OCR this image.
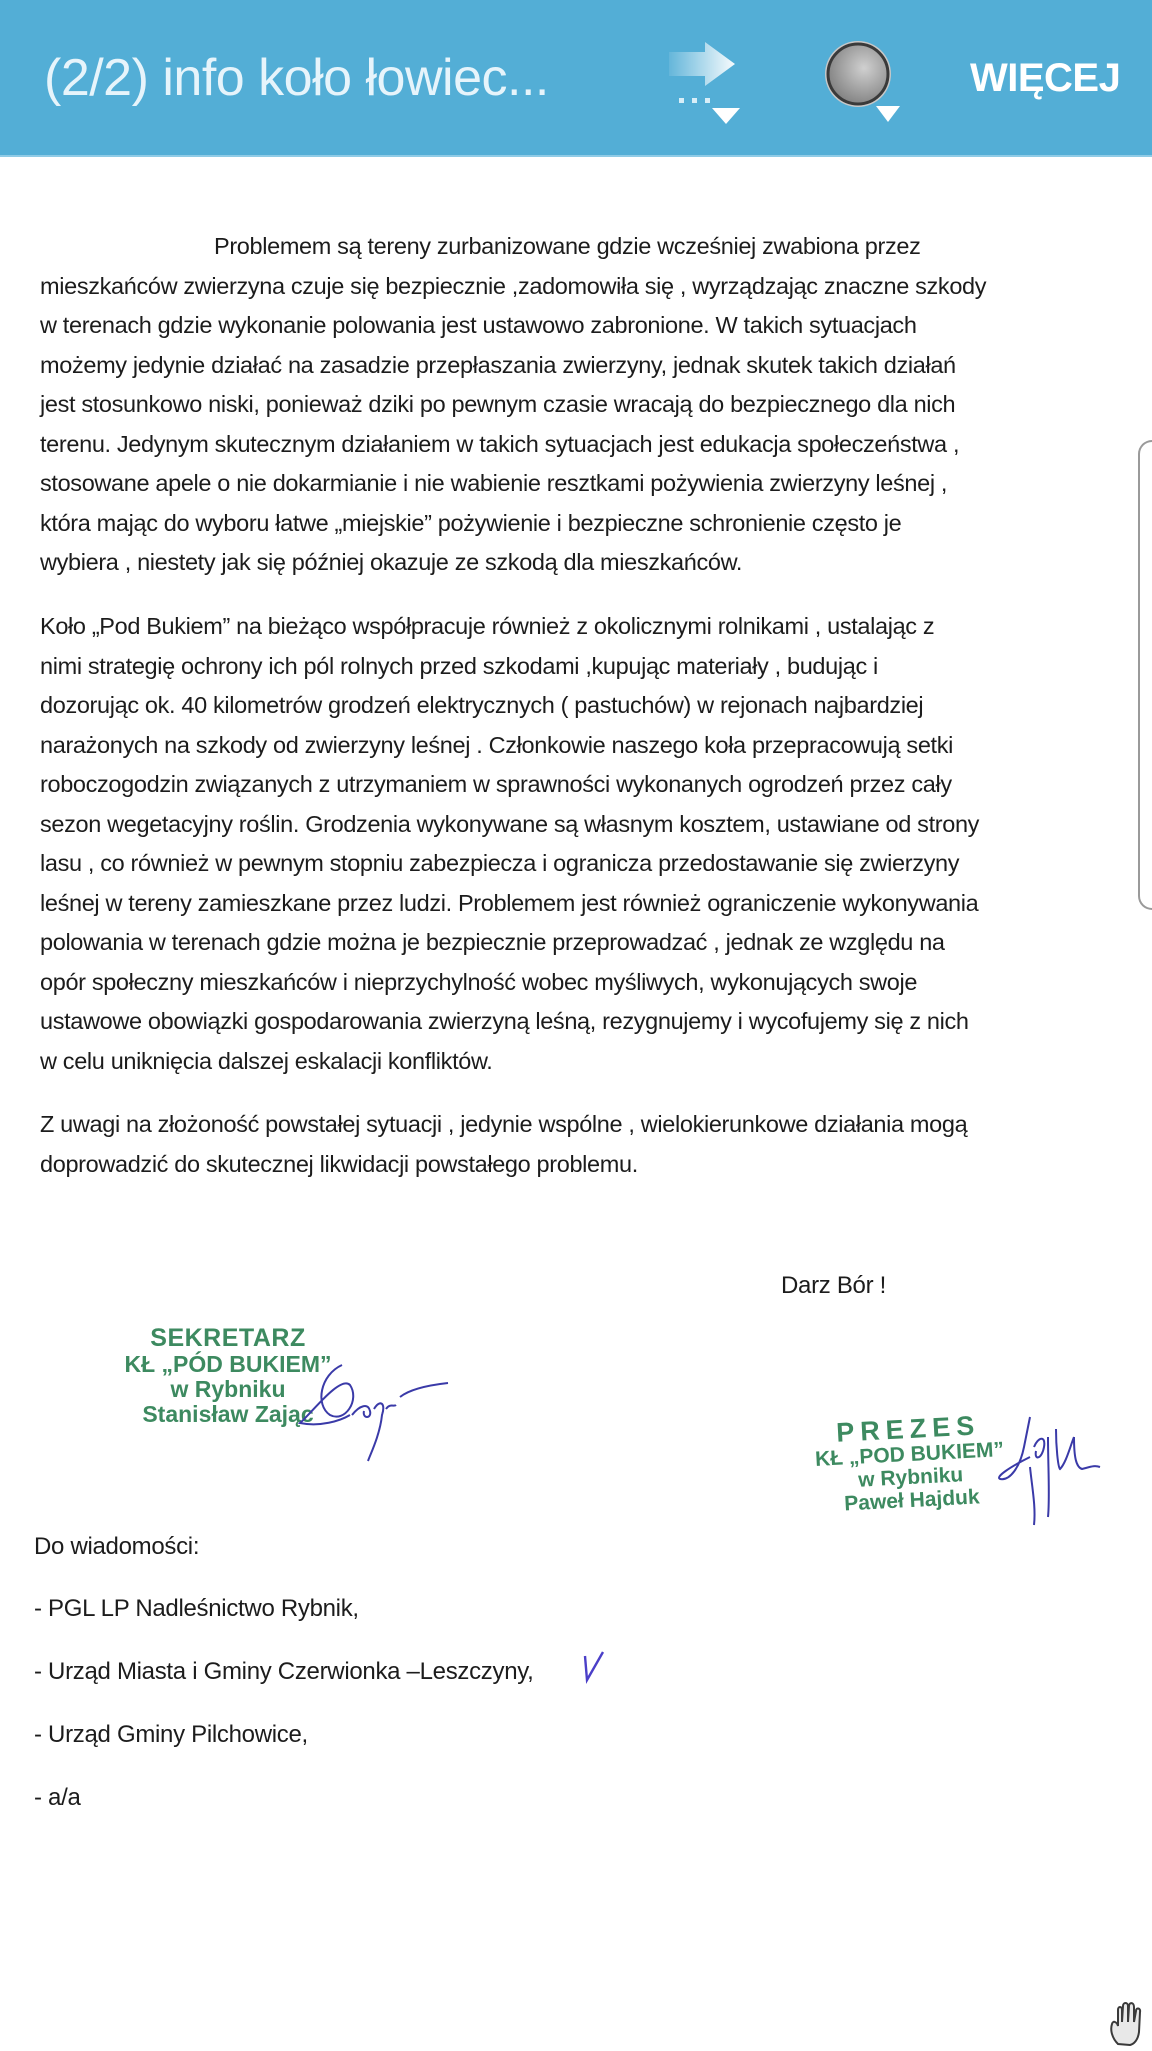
(2/2) info koło łowiec...	WIĘCEJ
Problemem są tereny zurbanizowane gdzie wcześniej zwabiona przez
mieszkańców zwierzyna czuje się bezpiecznie ,zadomowiła się , wyrządzając znaczne szkody
w terenach gdzie wykonanie polowania jest ustawowo zabronione. W takich sytuacjach
możemy jedynie działać na zasadzie przepłaszania zwierzyny, jednak skutek takich działań
jest stosunkowo niski, ponieważ dziki po pewnym czasie wracają do bezpiecznego dla nich
terenu. Jedynym skutecznym działaniem w takich sytuacjach jest edukacja społeczeństwa ,
stosowane apele o nie dokarmianie i nie wabienie resztkami pożywienia zwierzyny leśnej ,
która mając do wyboru łatwe „miejskie” pożywienie i bezpieczne schronienie często je
wybiera , niestety jak się później okazuje ze szkodą dla mieszkańców.
Koło „Pod Bukiem” na bieżąco współpracuje również z okolicznymi rolnikami , ustalając z
nimi strategię ochrony ich pól rolnych przed szkodami ,kupując materiały , budując i
dozorując ok. 40 kilometrów grodzeń elektrycznych ( pastuchów) w rejonach najbardziej
narażonych na szkody od zwierzyny leśnej . Członkowie naszego koła przepracowują setki
roboczogodzin związanych z utrzymaniem w sprawności wykonanych ogrodzeń przez cały
sezon wegetacyjny roślin. Grodzenia wykonywane są własnym kosztem, ustawiane od strony
lasu , co również w pewnym stopniu zabezpiecza i ogranicza przedostawanie się zwierzyny
leśnej w tereny zamieszkane przez ludzi. Problemem jest również ograniczenie wykonywania
polowania w terenach gdzie można je bezpiecznie przeprowadzać , jednak ze względu na
opór społeczny mieszkańców i nieprzychylność wobec myśliwych, wykonujących swoje
ustawowe obowiązki gospodarowania zwierzyną leśną, rezygnujemy i wycofujemy się z nich
w celu uniknięcia dalszej eskalacji konfliktów.
Z uwagi na złożoność powstałej sytuacji , jedynie wspólne , wielokierunkowe działania mogą
doprowadzić do skutecznej likwidacji powstałego problemu.
Darz Bór !
SEKRETARZ
KŁ „PÓD BUKIEM”
w Rybniku
Stanisław Zając	PREZES
KŁ „POD BUKIEM”
w Rybniku
Paweł Hajduk
Do wiadomości:
- PGL LP Nadleśnictwo Rybnik,
- Urząd Miasta i Gminy Czerwionka –Leszczyny,
- Urząd Gminy Pilchowice,
- a/a
